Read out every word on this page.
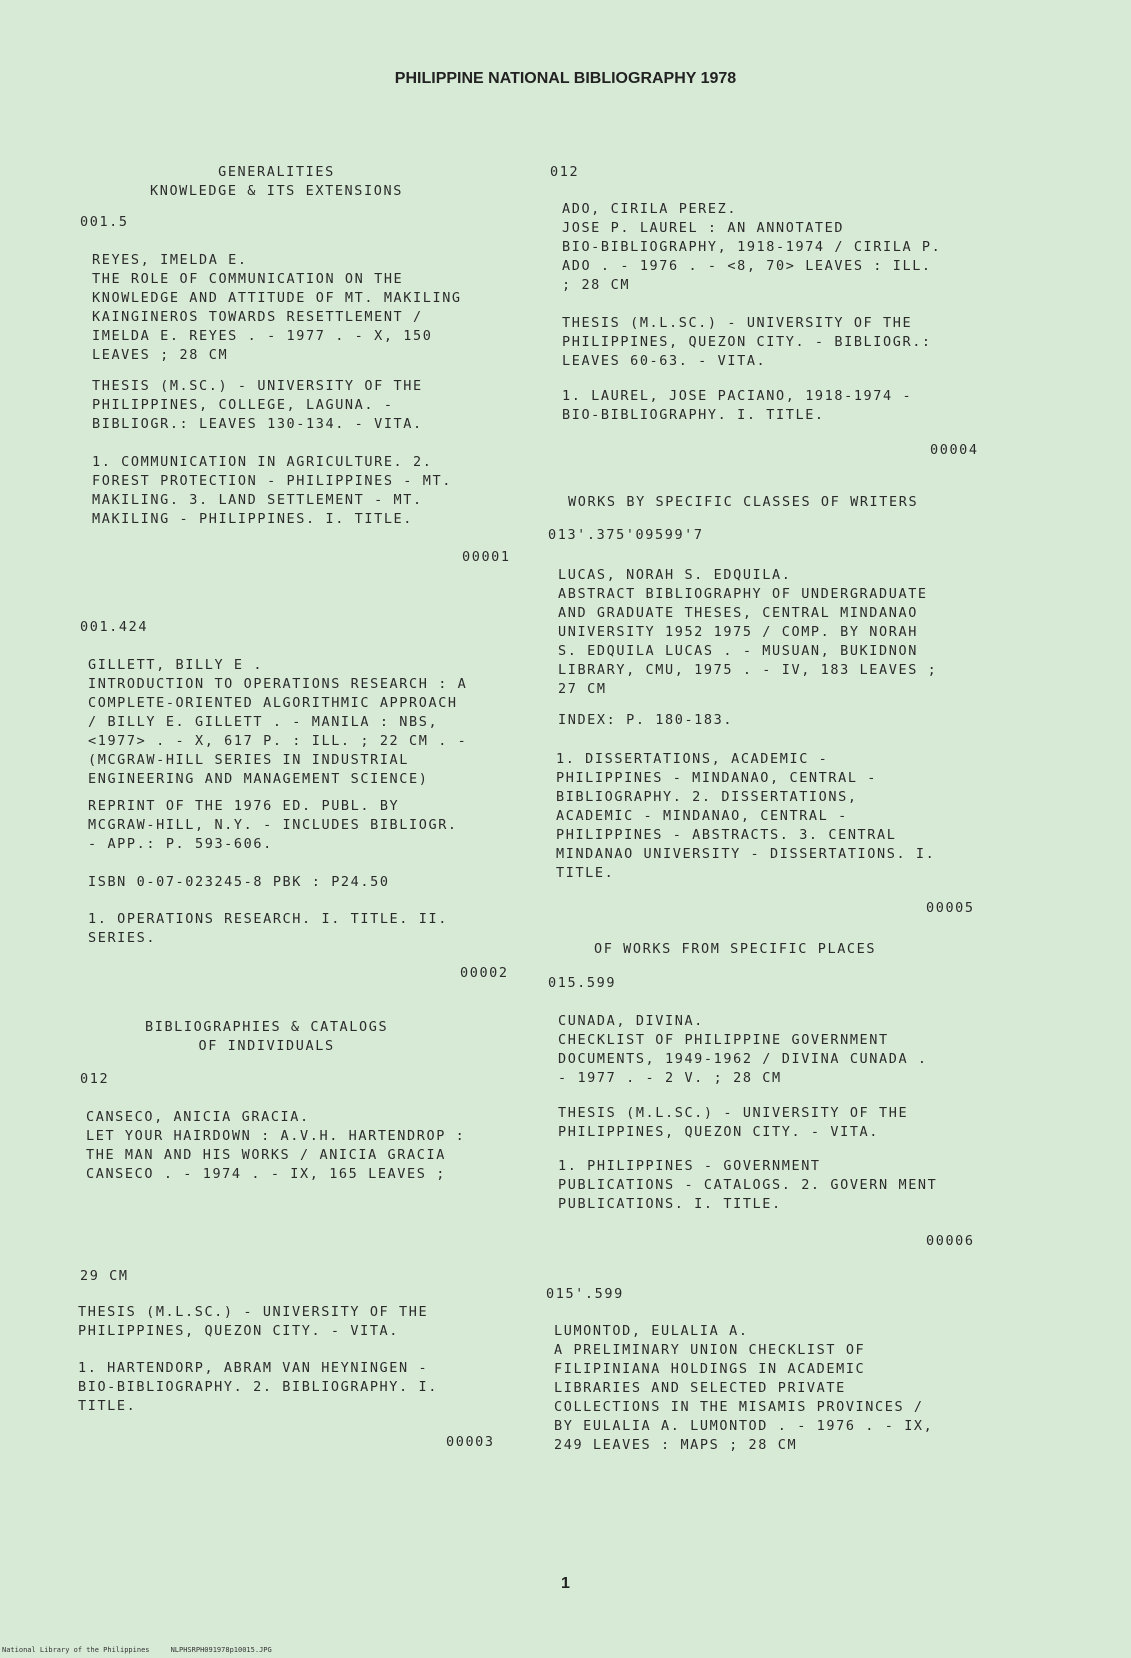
PHILIPPINE NATIONAL BIBLIOGRAPHY 1978
GENERALITIES
KNOWLEDGE & ITS EXTENSIONS
001.5
REYES, IMELDA E.
THE ROLE OF COMMUNICATION ON THE
KNOWLEDGE AND ATTITUDE OF MT. MAKILING
KAINGINEROS TOWARDS RESETTLEMENT /
IMELDA E. REYES . - 1977 . - X, 150
LEAVES ; 28 CM
THESIS (M.SC.) - UNIVERSITY OF THE
PHILIPPINES, COLLEGE, LAGUNA. -
BIBLIOGR.: LEAVES 130-134. - VITA.
1. COMMUNICATION IN AGRICULTURE. 2.
FOREST PROTECTION - PHILIPPINES - MT.
MAKILING. 3. LAND SETTLEMENT - MT.
MAKILING - PHILIPPINES. I. TITLE.
00001
001.424
GILLETT, BILLY E .
INTRODUCTION TO OPERATIONS RESEARCH : A
COMPLETE-ORIENTED ALGORITHMIC APPROACH
/ BILLY E. GILLETT . - MANILA : NBS,
<1977> . - X, 617 P. : ILL. ; 22 CM . -
(MCGRAW-HILL SERIES IN INDUSTRIAL
ENGINEERING AND MANAGEMENT SCIENCE)
REPRINT OF THE 1976 ED. PUBL. BY
MCGRAW-HILL, N.Y. - INCLUDES BIBLIOGR.
- APP.: P. 593-606.
ISBN 0-07-023245-8 PBK : P24.50
1. OPERATIONS RESEARCH. I. TITLE. II.
SERIES.
00002
BIBLIOGRAPHIES & CATALOGS
OF INDIVIDUALS
012
CANSECO, ANICIA GRACIA.
LET YOUR HAIRDOWN : A.V.H. HARTENDROP :
THE MAN AND HIS WORKS / ANICIA GRACIA
CANSECO . - 1974 . - IX, 165 LEAVES ;
29 CM
THESIS (M.L.SC.) - UNIVERSITY OF THE
PHILIPPINES, QUEZON CITY. - VITA.
1. HARTENDORP, ABRAM VAN HEYNINGEN -
BIO-BIBLIOGRAPHY. 2. BIBLIOGRAPHY. I.
TITLE.
00003
012
ADO, CIRILA PEREZ.
JOSE P. LAUREL : AN ANNOTATED
BIO-BIBLIOGRAPHY, 1918-1974 / CIRILA P.
ADO . - 1976 . - <8, 70> LEAVES : ILL.
; 28 CM
THESIS (M.L.SC.) - UNIVERSITY OF THE
PHILIPPINES, QUEZON CITY. - BIBLIOGR.:
LEAVES 60-63. - VITA.
1. LAUREL, JOSE PACIANO, 1918-1974 -
BIO-BIBLIOGRAPHY. I. TITLE.
00004
WORKS BY SPECIFIC CLASSES OF WRITERS
013'.375'09599'7
LUCAS, NORAH S. EDQUILA.
ABSTRACT BIBLIOGRAPHY OF UNDERGRADUATE
AND GRADUATE THESES, CENTRAL MINDANAO
UNIVERSITY 1952 1975 / COMP. BY NORAH
S. EDQUILA LUCAS . - MUSUAN, BUKIDNON
LIBRARY, CMU, 1975 . - IV, 183 LEAVES ;
27 CM
INDEX: P. 180-183.
1. DISSERTATIONS, ACADEMIC -
PHILIPPINES - MINDANAO, CENTRAL -
BIBLIOGRAPHY. 2. DISSERTATIONS,
ACADEMIC - MINDANAO, CENTRAL -
PHILIPPINES - ABSTRACTS. 3. CENTRAL
MINDANAO UNIVERSITY - DISSERTATIONS. I.
TITLE.
00005
OF WORKS FROM SPECIFIC PLACES
015.599
CUNADA, DIVINA.
CHECKLIST OF PHILIPPINE GOVERNMENT
DOCUMENTS, 1949-1962 / DIVINA CUNADA .
- 1977 . - 2 V. ; 28 CM
THESIS (M.L.SC.) - UNIVERSITY OF THE
PHILIPPINES, QUEZON CITY. - VITA.
1. PHILIPPINES - GOVERNMENT
PUBLICATIONS - CATALOGS. 2. GOVERN MENT
PUBLICATIONS. I. TITLE.
00006
015'.599
LUMONTOD, EULALIA A.
A PRELIMINARY UNION CHECKLIST OF
FILIPINIANA HOLDINGS IN ACADEMIC
LIBRARIES AND SELECTED PRIVATE
COLLECTIONS IN THE MISAMIS PROVINCES /
BY EULALIA A. LUMONTOD . - 1976 . - IX,
249 LEAVES : MAPS ; 28 CM
1
National Library of the Philippines     NLPHSRPH091978p10015.JPG
